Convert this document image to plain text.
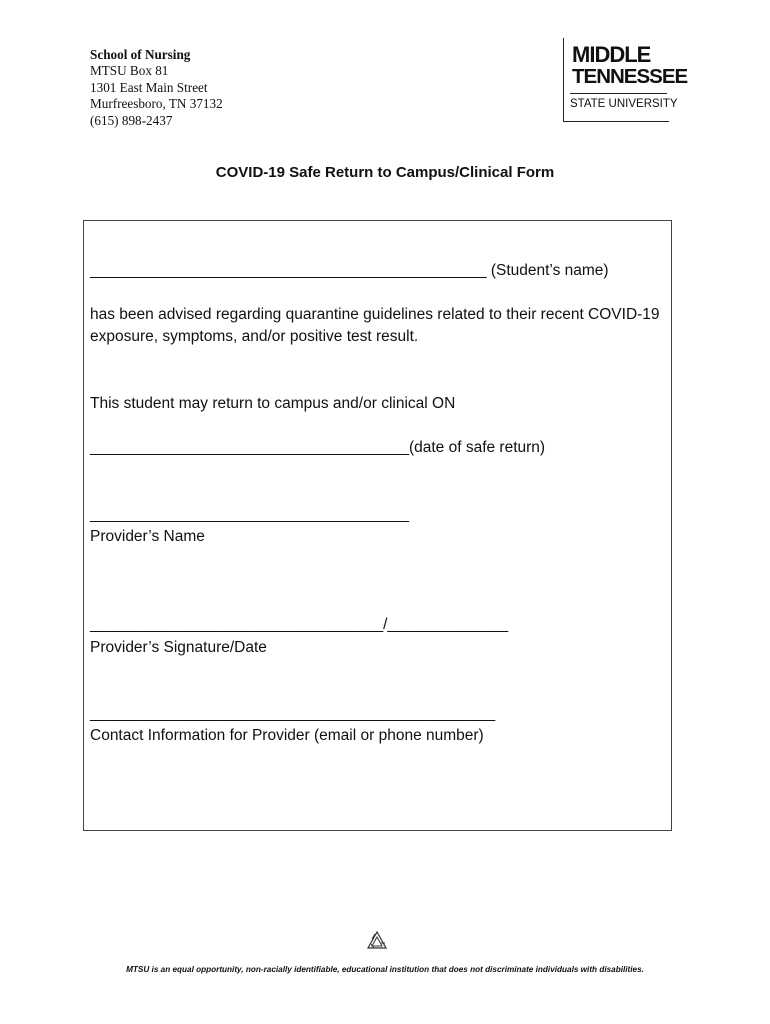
School of Nursing
MTSU Box 81
1301 East Main Street
Murfreesboro, TN 37132
(615) 898-2437
MIDDLE
TENNESSEE
STATE UNIVERSITY
COVID-19 Safe Return to Campus/Clinical Form
______________________________________________ (Student’s name)
has been advised regarding quarantine guidelines related to their recent COVID-19 exposure, symptoms, and/or positive test result.
This student may return to campus and/or clinical ON
_____________________________________(date of safe return)
_____________________________________
Provider’s Name
__________________________________/______________
Provider’s Signature/Date
_______________________________________________
Contact Information for Provider (email or phone number)
MTSU is an equal opportunity, non-racially identifiable, educational institution that does not discriminate individuals with disabilities.
